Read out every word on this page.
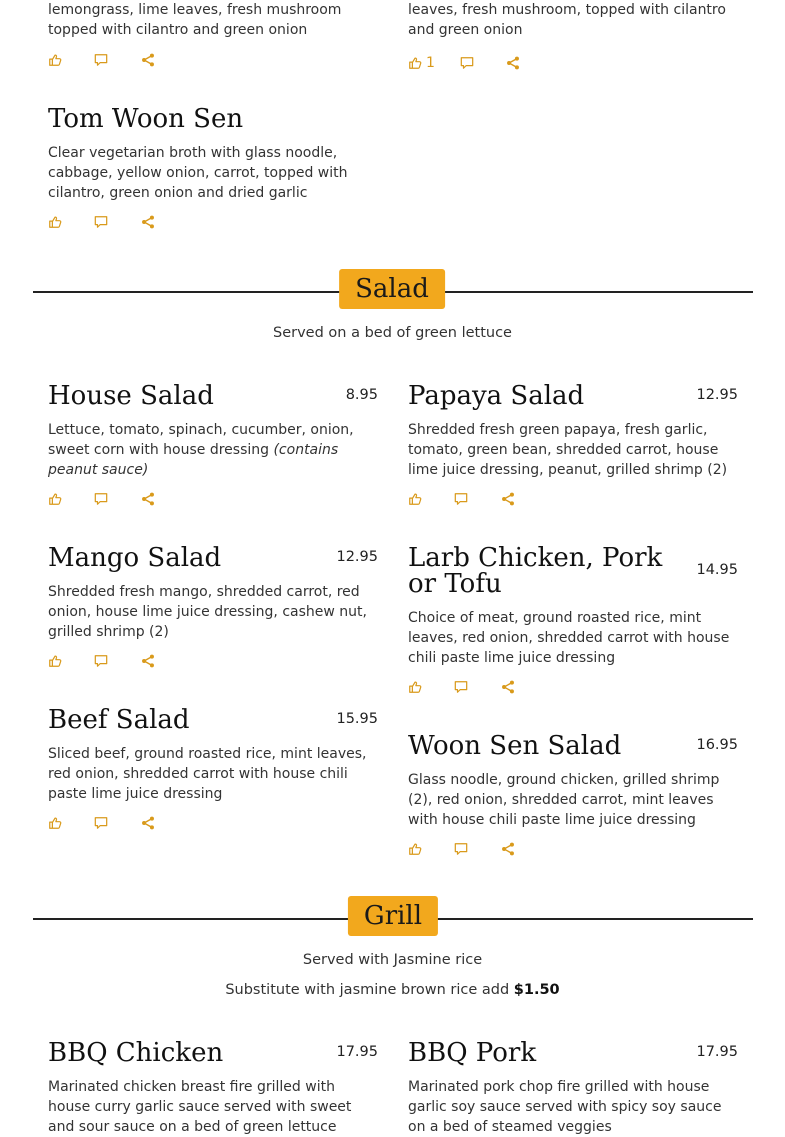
lemongrass, lime leaves, fresh mushroom topped with cilantro and green onion

leaves, fresh mushroom, topped with cilantro and green onion

1
Tom Woon Sen

Clear vegetarian broth with glass noodle, cabbage, yellow onion, carrot, topped with cilantro, green onion and dried garlic

Salad
Served on a bed of green lettuce
House Salad	8.95

Lettuce, tomato, spinach, cucumber, onion, sweet corn with house dressing (contains peanut sauce)

Papaya Salad	12.95

Shredded fresh green papaya, fresh garlic, tomato, green bean, shredded carrot, house lime juice dressing, peanut, grilled shrimp (2)

Mango Salad	12.95

Shredded fresh mango, shredded carrot, red onion, house lime juice dressing, cashew nut, grilled shrimp (2)

Larb Chicken, Pork or Tofu	14.95

Choice of meat, ground roasted rice, mint leaves, red onion, shredded carrot with house chili paste lime juice dressing

Beef Salad	15.95

Sliced beef, ground roasted rice, mint leaves, red onion, shredded carrot with house chili paste lime juice dressing

Woon Sen Salad	16.95

Glass noodle, ground chicken, grilled shrimp (2), red onion, shredded carrot, mint leaves with house chili paste lime juice dressing

Grill
Served with Jasmine rice
Substitute with jasmine brown rice add $1.50
BBQ Chicken	17.95

Marinated chicken breast fire grilled with house curry garlic sauce served with sweet and sour sauce on a bed of green lettuce

BBQ Pork	17.95

Marinated pork chop fire grilled with house garlic soy sauce served with spicy soy sauce on a bed of steamed veggies
